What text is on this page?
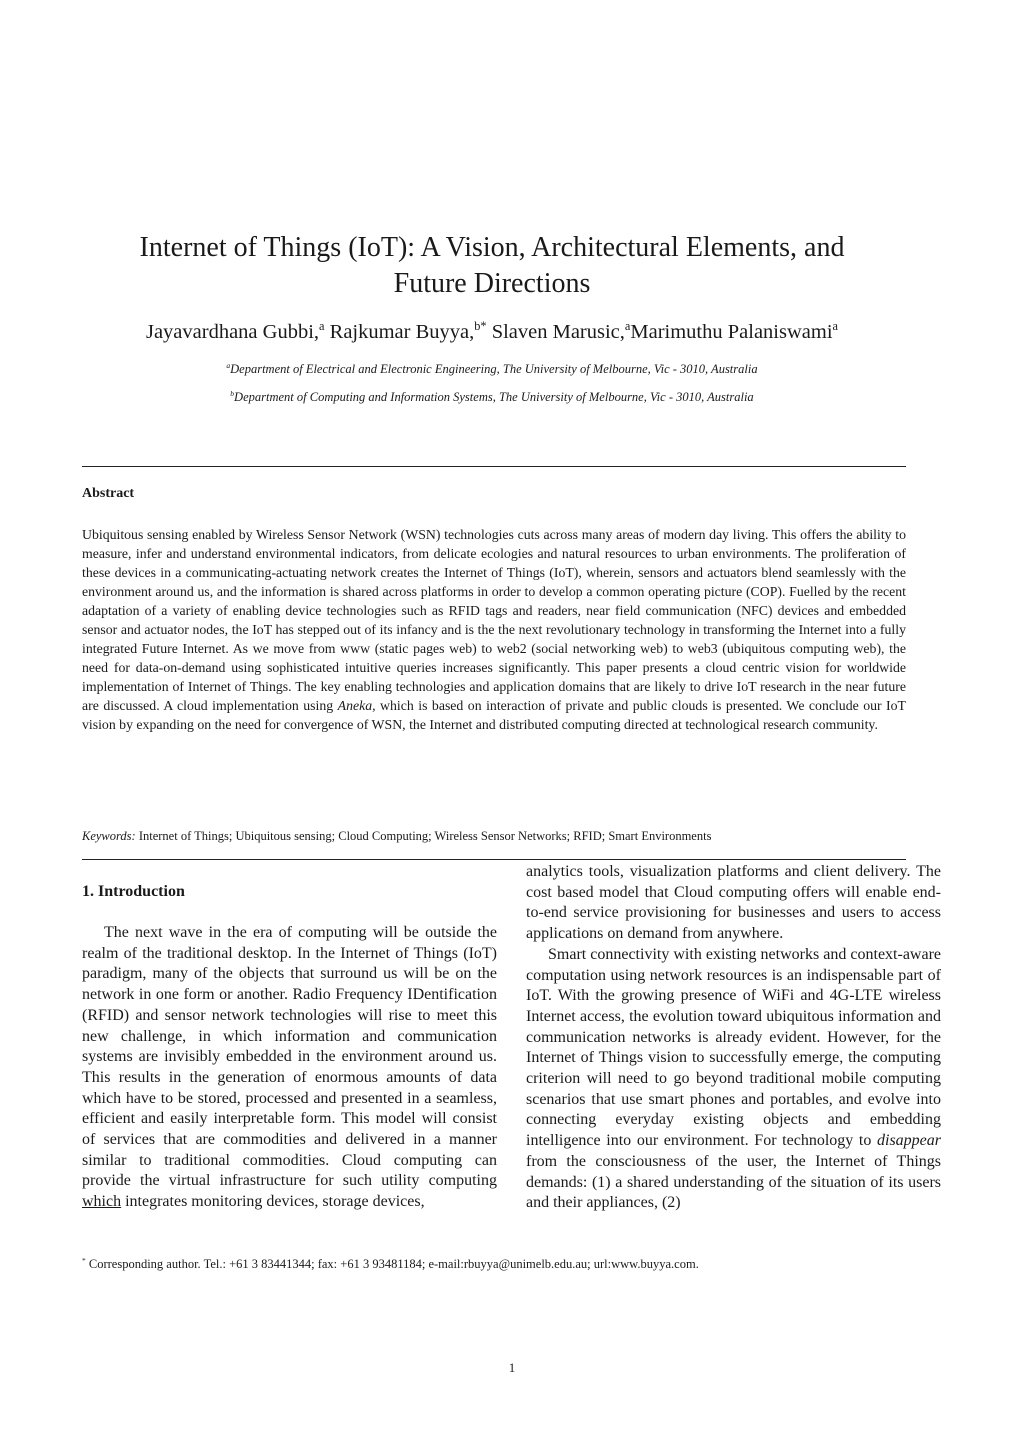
Internet of Things (IoT): A Vision, Architectural Elements, and
Future Directions
Jayavardhana Gubbi,$^a$ Rajkumar Buyya,$^{b*}$ Slaven Marusic,$^a$Marimuthu Palaniswami$^a$
$^a$Department of Electrical and Electronic Engineering, The University of Melbourne, Vic - 3010, Australia
$^b$Department of Computing and Information Systems, The University of Melbourne, Vic - 3010, Australia
Abstract
Ubiquitous sensing enabled by Wireless Sensor Network (WSN) technologies cuts across many areas of modern day living. This offers the ability to measure, infer and understand environmental indicators, from delicate ecologies and natural resources to urban environments. The proliferation of these devices in a communicating-actuating network creates the Internet of Things (IoT), wherein, sensors and actuators blend seamlessly with the environment around us, and the information is shared across platforms in order to develop a common operating picture (COP). Fuelled by the recent adaptation of a variety of enabling device technologies such as RFID tags and readers, near field communication (NFC) devices and embedded sensor and actuator nodes, the IoT has stepped out of its infancy and is the the next revolutionary technology in transforming the Internet into a fully integrated Future Internet. As we move from www (static pages web) to web2 (social networking web) to web3 (ubiquitous computing web), the need for data-on-demand using sophisticated intuitive queries increases significantly. This paper presents a cloud centric vision for worldwide implementation of Internet of Things. The key enabling technologies and application domains that are likely to drive IoT research in the near future are discussed. A cloud implementation using Aneka, which is based on interaction of private and public clouds is presented. We conclude our IoT vision by expanding on the need for convergence of WSN, the Internet and distributed computing directed at technological research community.
Keywords: Internet of Things; Ubiquitous sensing; Cloud Computing; Wireless Sensor Networks; RFID; Smart Environments
1. Introduction

The next wave in the era of computing will be outside the realm of the traditional desktop. In the Internet of Things (IoT) paradigm, many of the objects that surround us will be on the network in one form or another. Radio Frequency IDentification (RFID) and sensor network technologies will rise to meet this new challenge, in which information and communication systems are invisibly embedded in the environment around us. This results in the generation of enormous amounts of data which have to be stored, processed and presented in a seamless, efficient and easily interpretable form. This model will consist of services that are commodities and delivered in a manner similar to traditional commodities. Cloud computing can provide the virtual infrastructure for such utility computing which integrates monitoring devices, storage devices,

analytics tools, visualization platforms and client delivery. The cost based model that Cloud computing offers will enable end-to-end service provisioning for businesses and users to access applications on demand from anywhere.

Smart connectivity with existing networks and context-aware computation using network resources is an indispensable part of IoT. With the growing presence of WiFi and 4G-LTE wireless Internet access, the evolution toward ubiquitous information and communication networks is already evident. However, for the Internet of Things vision to successfully emerge, the computing criterion will need to go beyond traditional mobile computing scenarios that use smart phones and portables, and evolve into connecting everyday existing objects and embedding intelligence into our environment. For technology to disappear from the consciousness of the user, the Internet of Things demands: (1) a shared understanding of the situation of its users and their appliances, (2)

* Corresponding author. Tel.: +61 3 83441344; fax: +61 3 93481184; e-mail:rbuyya@unimelb.edu.au; url:www.buyya.com.
1
